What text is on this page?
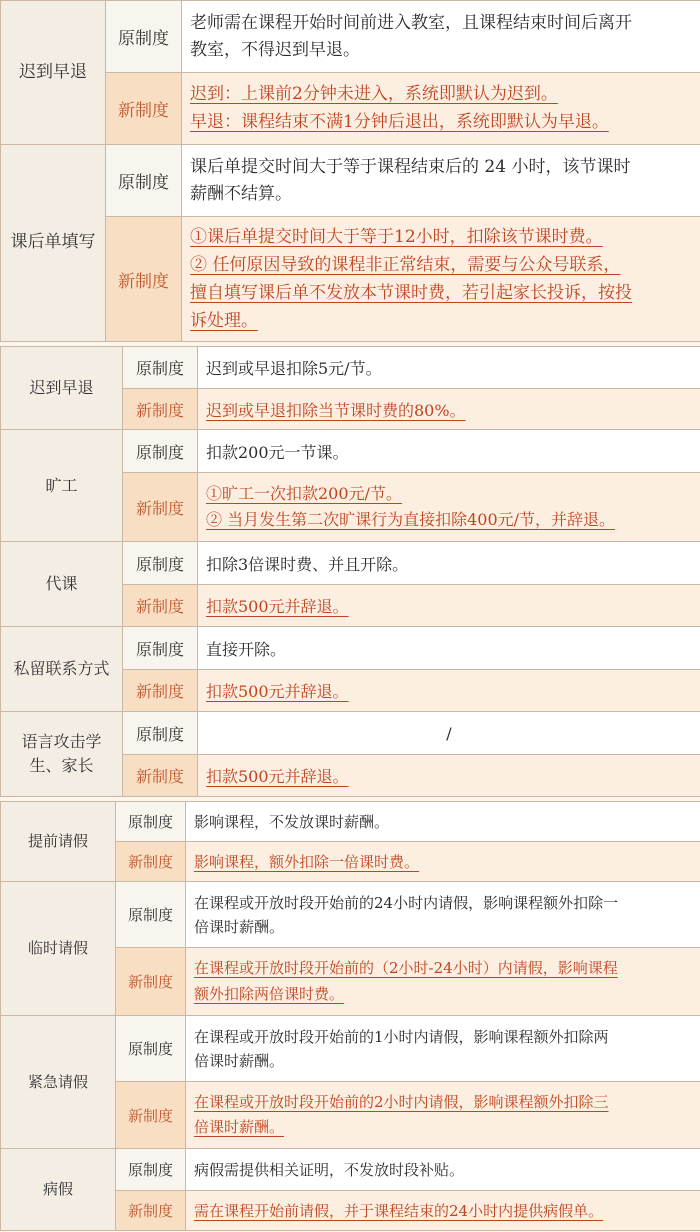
迟到早退	原制度	老师需在课程开始时间前进入教室，且课程结束时间后离开
教室，不得迟到早退。

	新制度	迟到：上课前2分钟未进入，系统即默认为迟到。
早退：课程结束不满1分钟后退出，系统即默认为早退。

课后单填写	原制度	课后单提交时间大于等于课程结束后的 24 小时，该节课时
薪酬不结算。

	新制度	①课后单提交时间大于等于12小时，扣除该节课时费。
② 任何原因导致的课程非正常结束，需要与公众号联系，
擅自填写课后单不发放本节课时费，若引起家长投诉，按投
诉处理。
迟到早退	原制度	迟到或早退扣除5元/节。

	新制度	迟到或早退扣除当节课时费的80%。
旷工	原制度	扣款200元一节课。

	新制度	①旷工一次扣款200元/节。
② 当月发生第二次旷课行为直接扣除400元/节，并辞退。

代课	原制度	扣除3倍课时费、并且开除。

	新制度	扣款500元并辞退。
私留联系方式	原制度	直接开除。

	新制度	扣款500元并辞退。

语言攻击学
生、家长	原制度	/
	新制度	扣款500元并辞退。
提前请假	原制度	影响课程，不发放课时薪酬。

	新制度	影响课程，额外扣除一倍课时费。
临时请假	原制度	在课程或开放时段开始前的24小时内请假，影响课程额外扣除一
倍课时薪酬。

	新制度	在课程或开放时段开始前的（2小时-24小时）内请假，影响课程
额外扣除两倍课时费。

紧急请假	原制度	在课程或开放时段开始前的1小时内请假，影响课程额外扣除两
倍课时薪酬。

	新制度	在课程或开放时段开始前的2小时内请假，影响课程额外扣除三
倍课时薪酬。

病假	原制度	病假需提供相关证明，不发放时段补贴。

	新制度	需在课程开始前请假，并于课程结束的24小时内提供病假单。
